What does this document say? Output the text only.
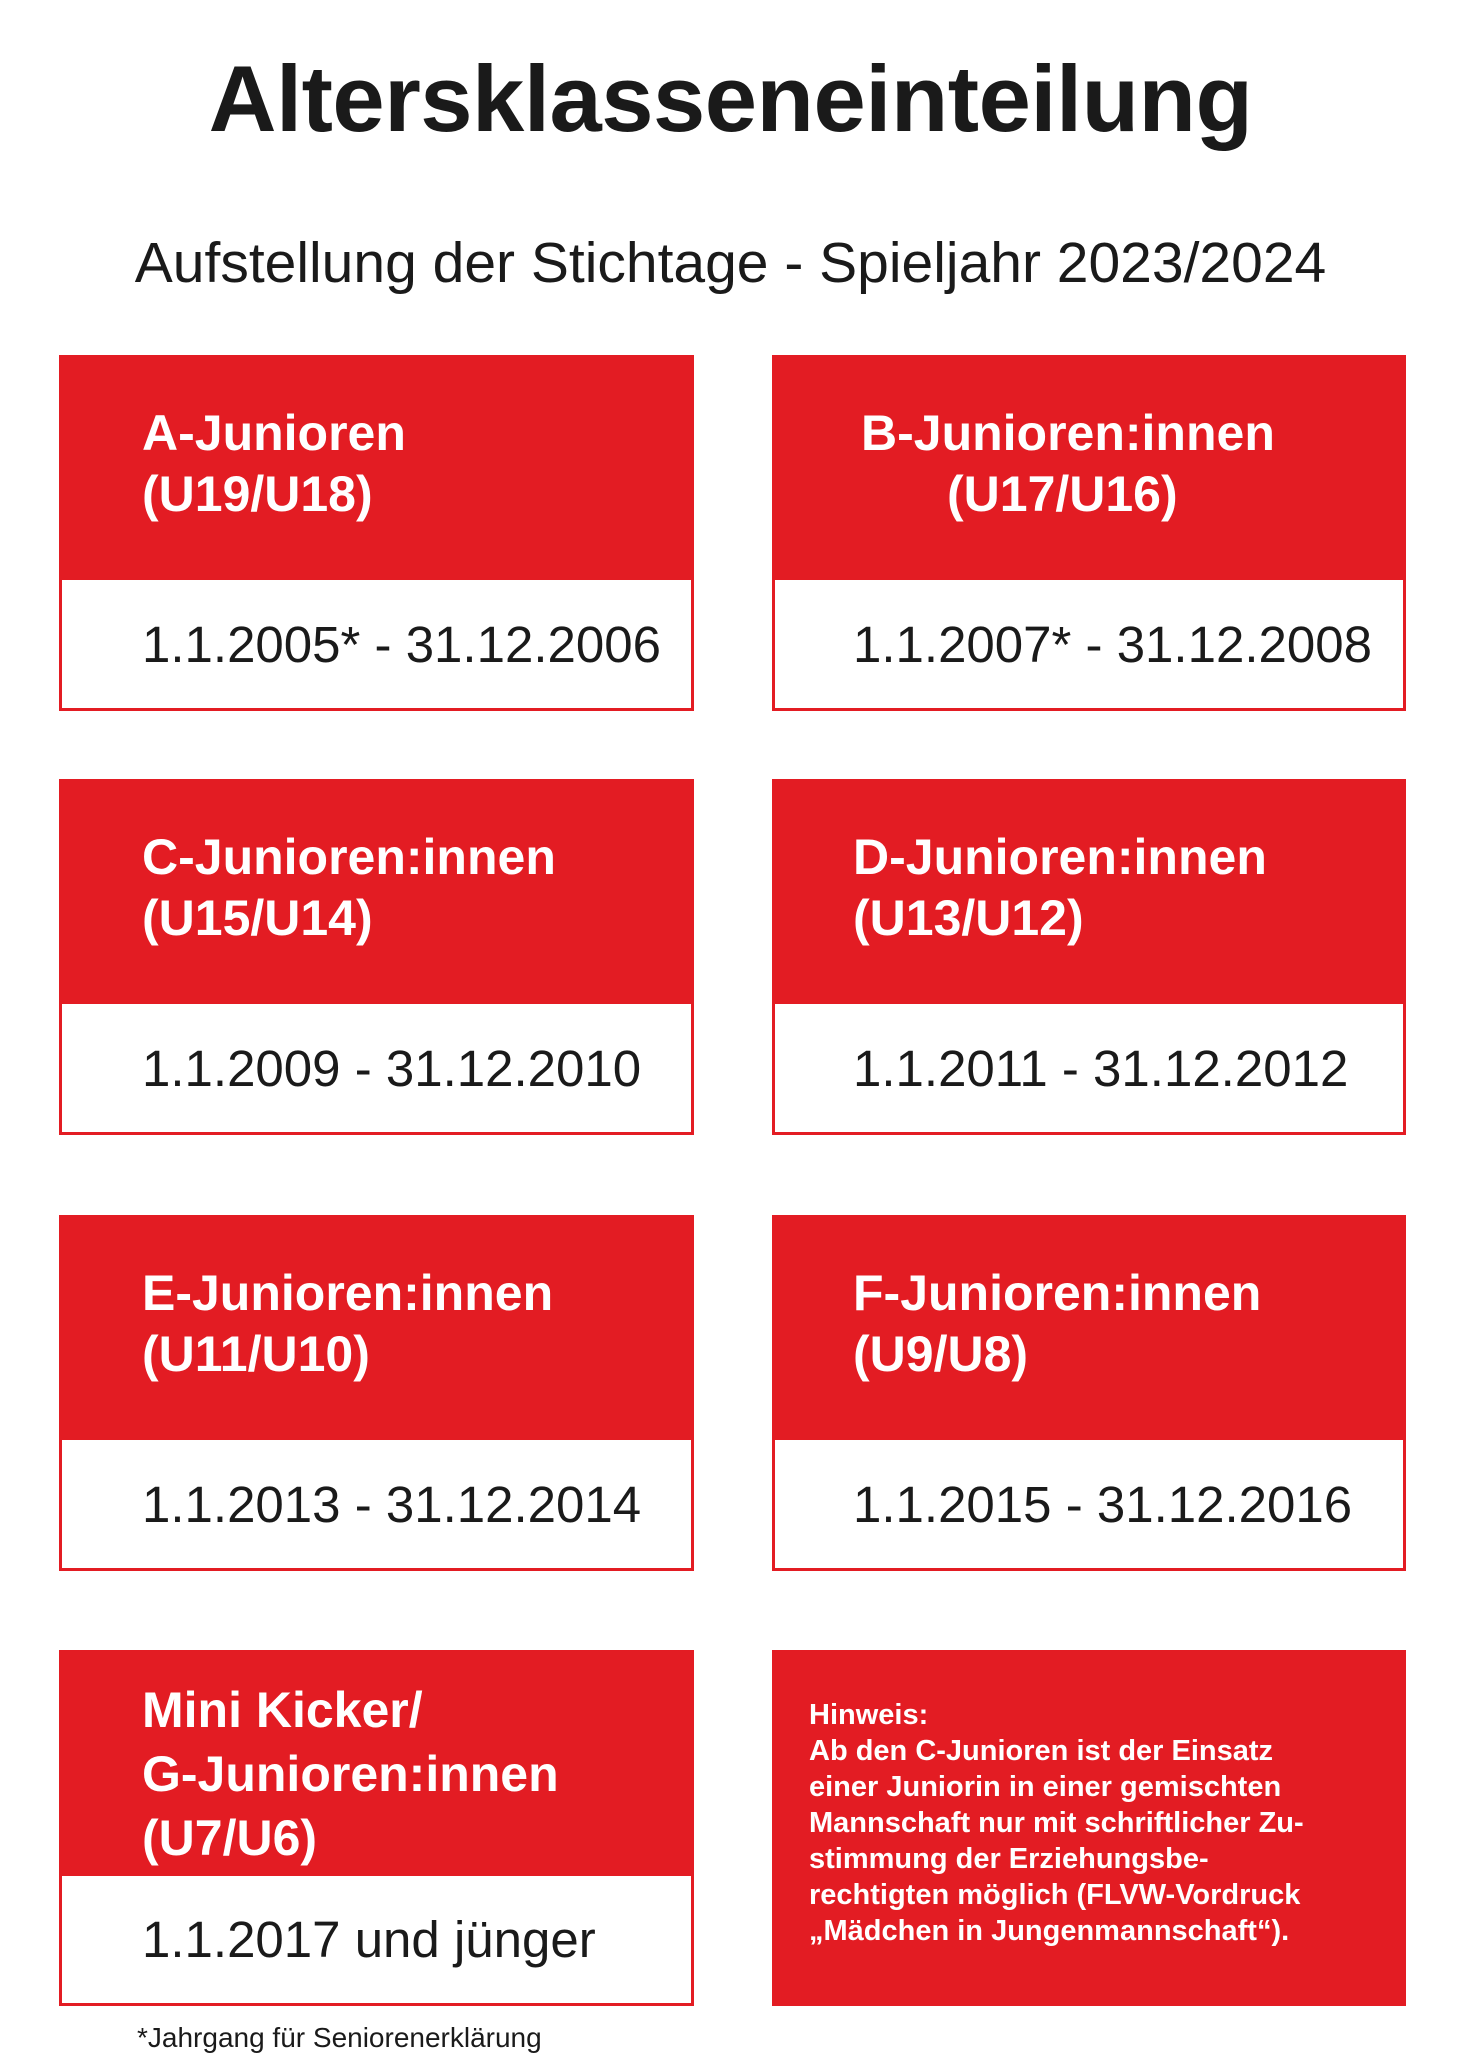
Altersklasseneinteilung
Aufstellung der Stichtage - Spieljahr 2023/2024
A-Junioren
(U19/U18)
1.1.2005* - 31.12.2006
B-Junioren:innen
(U17/U16)
1.1.2007* - 31.12.2008
C-Junioren:innen
(U15/U14)
1.1.2009 - 31.12.2010
D-Junioren:innen
(U13/U12)
1.1.2011 - 31.12.2012
E-Junioren:innen
(U11/U10)
1.1.2013 - 31.12.2014
F-Junioren:innen
(U9/U8)
1.1.2015 - 31.12.2016
Mini Kicker/
G-Junioren:innen
(U7/U6)
1.1.2017 und jünger
Hinweis:
Ab den C-Junioren ist der Einsatz
einer Juniorin in einer gemischten
Mannschaft nur mit schriftlicher Zu-
stimmung der Erziehungsbe-
rechtigten möglich (FLVW-Vordruck
„Mädchen in Jungenmannschaft“).
*Jahrgang für Seniorenerklärung
